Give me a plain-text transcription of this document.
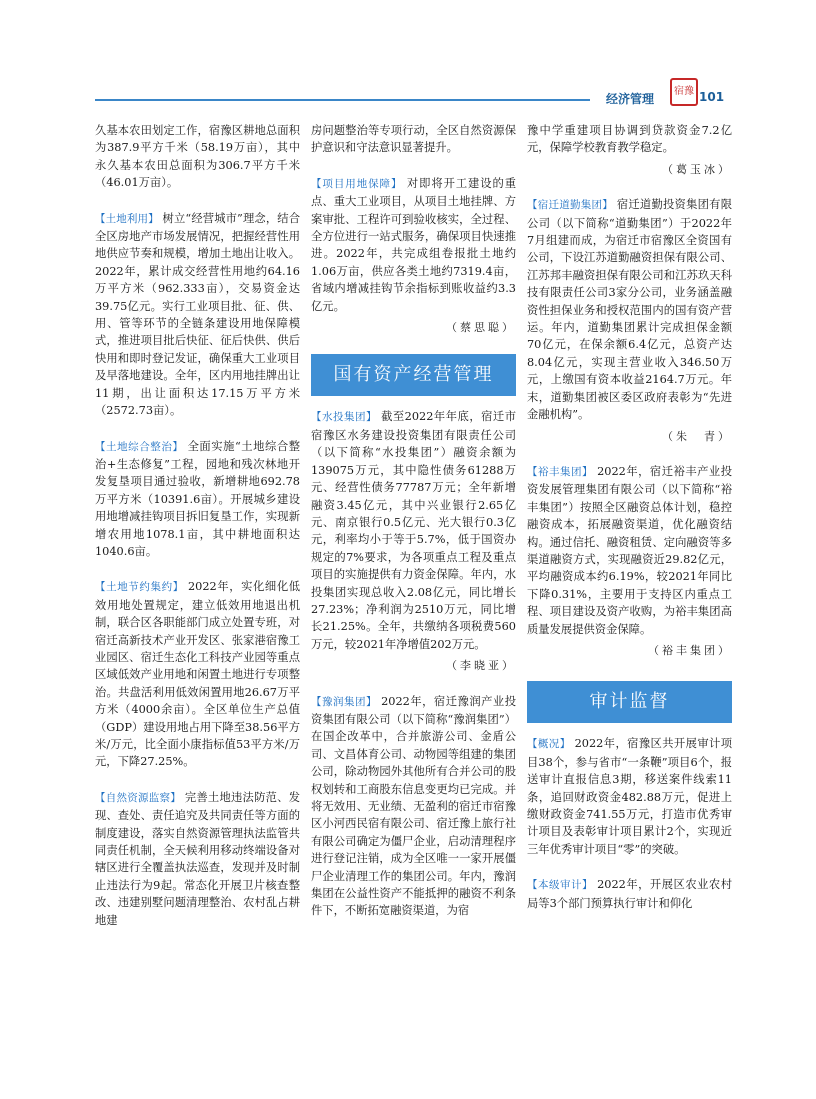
经济管理
宿豫 101

久基本农田划定工作，宿豫区耕地总面积为387.9平方千米（58.19万亩），其中永久基本农田总面积为306.7平方千米（46.01万亩）。

【土地利用】 树立“经营城市”理念，结合全区房地产市场发展情况，把握经营性用地供应节奏和规模，增加土地出让收入。2022年，累计成交经营性用地约64.16万平方米（962.333亩），交易资金达39.75亿元。实行工业项目批、征、供、用、管等环节的全链条建设用地保障模式，推进项目批后快征、征后快供、供后快用和即时登记发证，确保重大工业项目及早落地建设。全年，区内用地挂牌出让11期，出让面积达17.15万平方米（2572.73亩）。

【土地综合整治】 全面实施“土地综合整治+生态修复”工程，园地和残次林地开发复垦项目通过验收，新增耕地692.78万平方米（10391.6亩）。开展城乡建设用地增减挂钩项目拆旧复垦工作，实现新增农用地1078.1亩，其中耕地面积达1040.6亩。

【土地节约集约】 2022年，实化细化低效用地处置规定，建立低效用地退出机制，联合区各职能部门成立处置专班，对宿迁高新技术产业开发区、张家港宿豫工业园区、宿迁生态化工科技产业园等重点区域低效产业用地和闲置土地进行专项整治。共盘活利用低效闲置用地26.67万平方米（4000余亩）。全区单位生产总值（GDP）建设用地占用下降至38.56平方米/万元，比全面小康指标值53平方米/万元，下降27.25%。

【自然资源监察】 完善土地违法防范、发现、查处、责任追究及共同责任等方面的制度建设，落实自然资源管理执法监管共同责任机制，全天候利用移动终端设备对辖区进行全覆盖执法巡查，发现并及时制止违法行为9起。常态化开展卫片核查整改、违建别墅问题清理整治、农村乱占耕地建

房问题整治等专项行动，全区自然资源保护意识和守法意识显著提升。

【项目用地保障】 对即将开工建设的重点、重大工业项目，从项目土地挂牌、方案审批、工程许可到验收核实，全过程、全方位进行一站式服务，确保项目快速推进。2022年，共完成组卷报批土地约1.06万亩，供应各类土地约7319.4亩，省域内增减挂钩节余指标到账收益约3.3亿元。

（蔡思聪）
国有资产经营管理

【水投集团】 截至2022年年底，宿迁市宿豫区水务建设投资集团有限责任公司（以下简称“水投集团”）融资余额为139075万元，其中隐性债务61288万元、经营性债务77787万元；全年新增融资3.45亿元，其中兴业银行2.65亿元、南京银行0.5亿元、光大银行0.3亿元，利率均小于等于5.7%，低于国资办规定的7%要求，为各项重点工程及重点项目的实施提供有力资金保障。年内，水投集团实现总收入2.08亿元，同比增长27.23%；净利润为2510万元，同比增长21.25%。全年，共缴纳各项税费560万元，较2021年净增值202万元。

（李晓亚）

【豫润集团】 2022年，宿迁豫润产业投资集团有限公司（以下简称“豫润集团”）在国企改革中，合并旅游公司、金盾公司、文昌体育公司、动物园等组建的集团公司，除动物园外其他所有合并公司的股权划转和工商股东信息变更均已完成。并将无效用、无业绩、无盈利的宿迁市宿豫区小河西民宿有限公司、宿迁豫上旅行社有限公司确定为僵尸企业，启动清理程序进行登记注销，成为全区唯一一家开展僵尸企业清理工作的集团公司。年内，豫润集团在公益性资产不能抵押的融资不利条件下，不断拓宽融资渠道，为宿

豫中学重建项目协调到贷款资金7.2亿元，保障学校教育教学稳定。

（葛玉冰）

【宿迁道勤集团】 宿迁道勤投资集团有限公司（以下简称“道勤集团”）于2022年7月组建而成，为宿迁市宿豫区全资国有公司，下设江苏道勤融资担保有限公司、江苏邦丰融资担保有限公司和江苏玖天科技有限责任公司3家分公司，业务涵盖融资性担保业务和授权范围内的国有资产营运。年内，道勤集团累计完成担保金额70亿元，在保余额6.4亿元，总资产达8.04亿元，实现主营业收入346.50万元，上缴国有资本收益2164.7万元。年末，道勤集团被区委区政府表彰为“先进金融机构”。

（朱　青）

【裕丰集团】 2022年，宿迁裕丰产业投资发展管理集团有限公司（以下简称“裕丰集团”）按照全区融资总体计划，稳控融资成本，拓展融资渠道，优化融资结构。通过信托、融资租赁、定向融资等多渠道融资方式，实现融资近29.82亿元，平均融资成本约6.19%，较2021年同比下降0.31%，主要用于支持区内重点工程、项目建设及资产收购，为裕丰集团高质量发展提供资金保障。

（裕丰集团）
审计监督

【概况】 2022年，宿豫区共开展审计项目38个，参与省市“一条鞭”项目6个，报送审计直报信息3期，移送案件线索11条，追回财政资金482.88万元，促进上缴财政资金741.55万元，打造市优秀审计项目及表彰审计项目累计2个，实现近三年优秀审计项目“零”的突破。

【本级审计】 2022年，开展区农业农村局等3个部门预算执行审计和仰化
